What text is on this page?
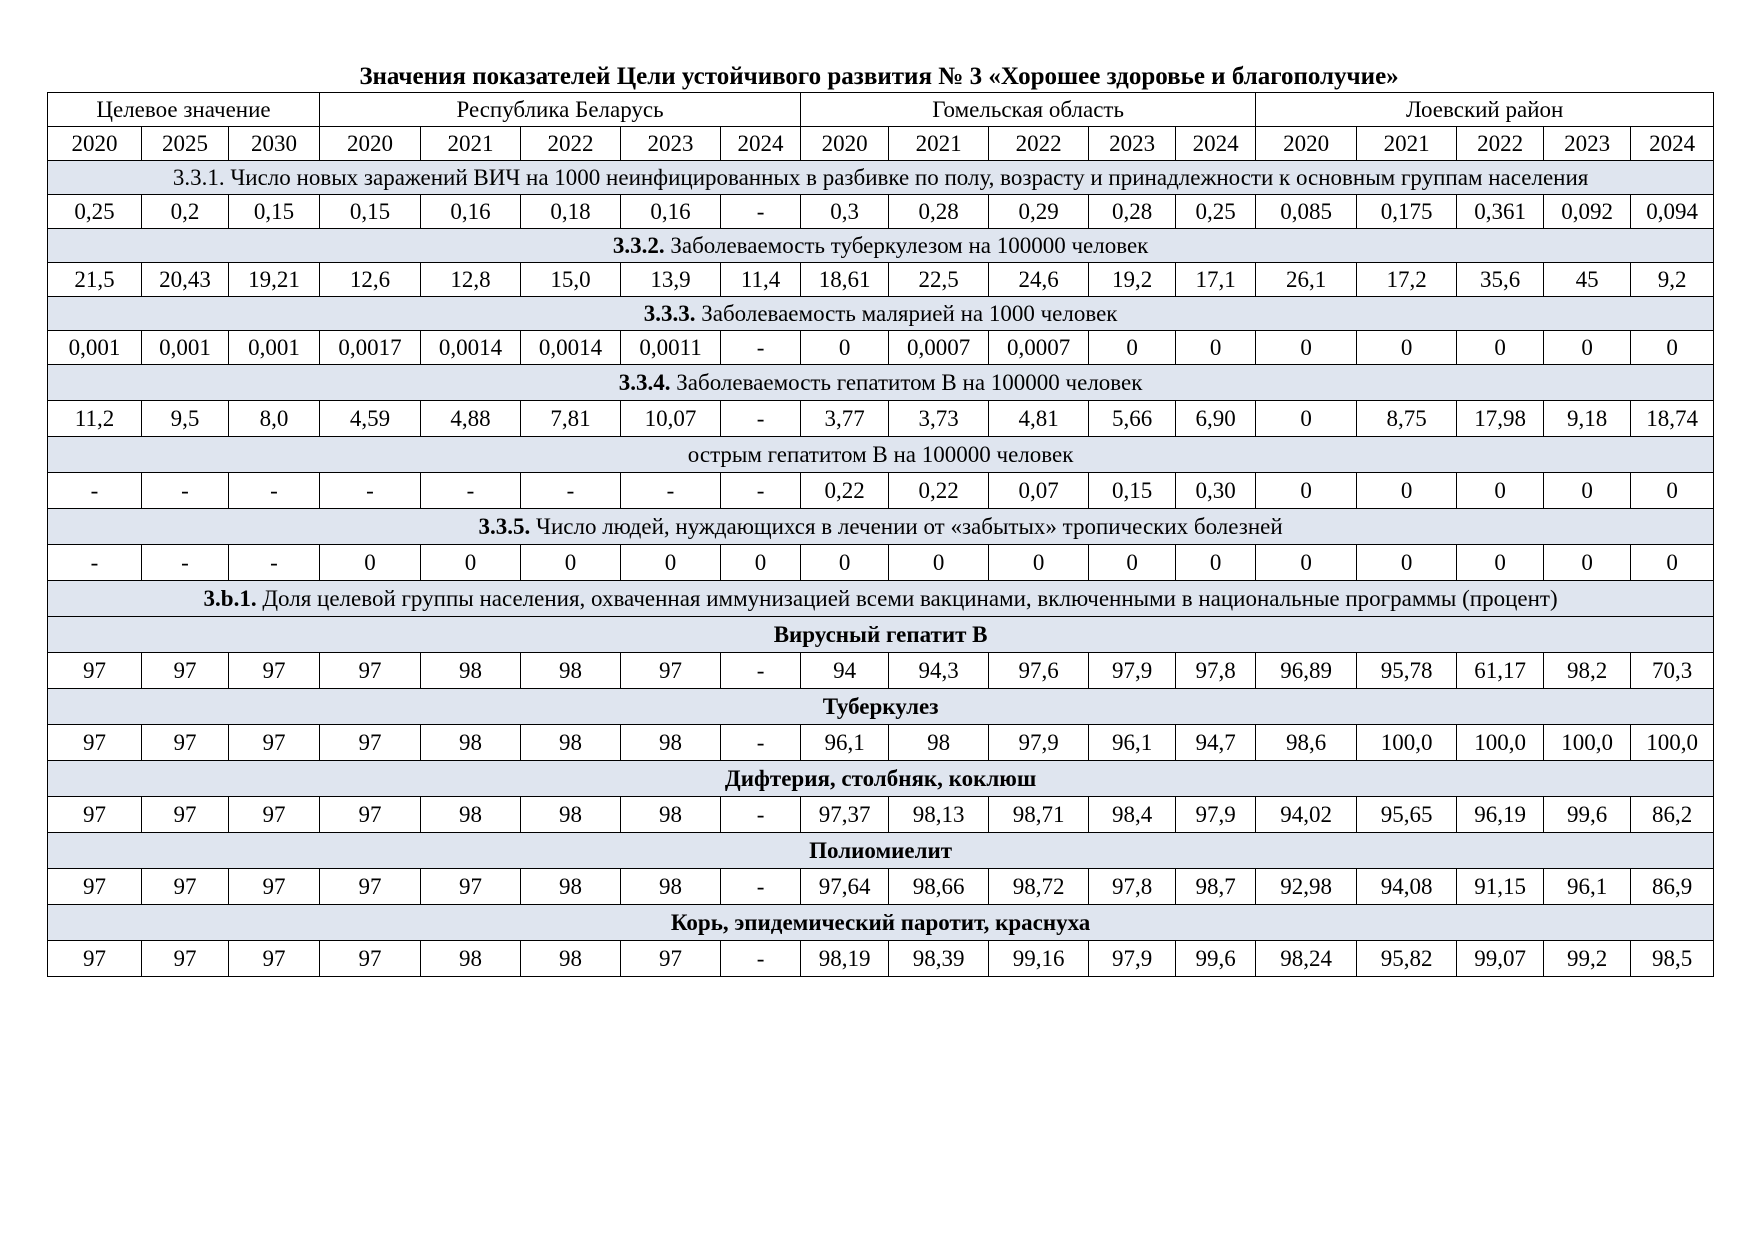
Значения показателей Цели устойчивого развития № 3 «Хорошее здоровье и благополучие»
Целевое значение			Республика Беларусь					Гомельская область					Лоевский район				
2020	2025	2030	2020	2021	2022	2023	2024	2020	2021	2022	2023	2024	2020	2021	2022	2023	2024
3.3.1. Число новых заражений ВИЧ на 1000 неинфицированных в разбивке по полу, возрасту и принадлежности к основным группам населения																	
0,25	0,2	0,15	0,15	0,16	0,18	0,16	-	0,3	0,28	0,29	0,28	0,25	0,085	0,175	0,361	0,092	0,094
3.3.2. Заболеваемость туберкулезом на 100000 человек																	
21,5	20,43	19,21	12,6	12,8	15,0	13,9	11,4	18,61	22,5	24,6	19,2	17,1	26,1	17,2	35,6	45	9,2
3.3.3. Заболеваемость малярией на 1000 человек																	
0,001	0,001	0,001	0,0017	0,0014	0,0014	0,0011	-	0	0,0007	0,0007	0	0	0	0	0	0	0
3.3.4. Заболеваемость гепатитом В на 100000 человек																	
11,2	9,5	8,0	4,59	4,88	7,81	10,07	-	3,77	3,73	4,81	5,66	6,90	0	8,75	17,98	9,18	18,74
острым гепатитом В на 100000 человек																	
-	-	-	-	-	-	-	-	0,22	0,22	0,07	0,15	0,30	0	0	0	0	0
3.3.5. Число людей, нуждающихся в лечении от «забытых» тропических болезней																	
-	-	-	0	0	0	0	0	0	0	0	0	0	0	0	0	0	0
3.b.1. Доля целевой группы населения, охваченная иммунизацией всеми вакцинами, включенными в национальные программы (процент)																	
Вирусный гепатит В																	
97	97	97	97	98	98	97	-	94	94,3	97,6	97,9	97,8	96,89	95,78	61,17	98,2	70,3
Туберкулез																	
97	97	97	97	98	98	98	-	96,1	98	97,9	96,1	94,7	98,6	100,0	100,0	100,0	100,0
Дифтерия, столбняк, коклюш																	
97	97	97	97	98	98	98	-	97,37	98,13	98,71	98,4	97,9	94,02	95,65	96,19	99,6	86,2
Полиомиелит																	
97	97	97	97	97	98	98	-	97,64	98,66	98,72	97,8	98,7	92,98	94,08	91,15	96,1	86,9
Корь, эпидемический паротит, краснуха																	
97	97	97	97	98	98	97	-	98,19	98,39	99,16	97,9	99,6	98,24	95,82	99,07	99,2	98,5
